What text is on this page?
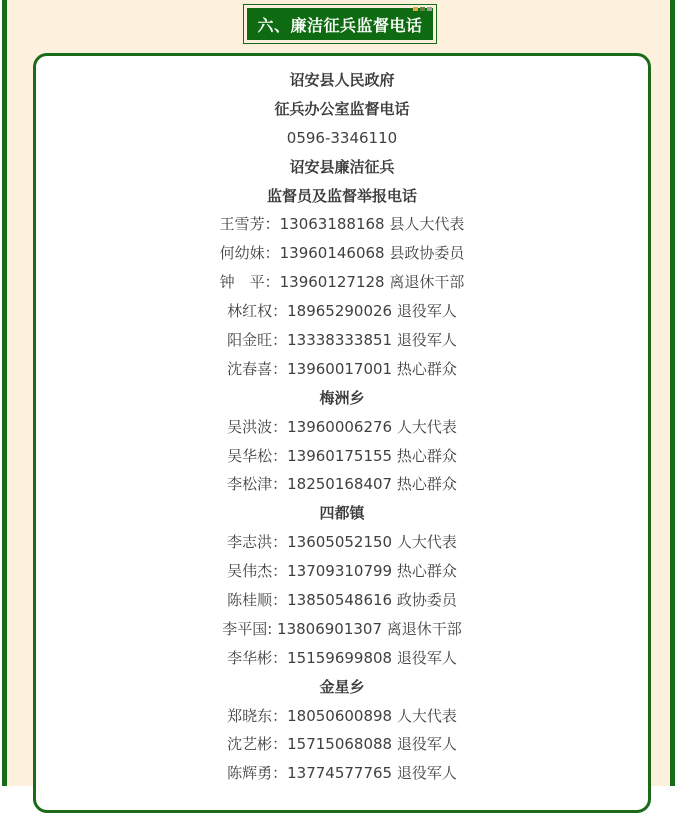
六、廉洁征兵监督电话
诏安县人民政府
征兵办公室监督电话
0596-3346110
诏安县廉洁征兵
监督员及监督举报电话
王雪芳：13063188168 县人大代表
何幼妹：13960146068 县政协委员
钟　平：13960127128 离退休干部
林红权：18965290026 退役军人
阳金旺：13338333851 退役军人
沈春喜：13960017001 热心群众
梅洲乡
吴洪波：13960006276 人大代表
吴华松：13960175155 热心群众
李松津：18250168407 热心群众
四都镇
李志洪：13605052150 人大代表
吴伟杰：13709310799 热心群众
陈桂顺：13850548616 政协委员
李平国: 13806901307 离退休干部
李华彬：15159699808 退役军人
金星乡
郑晓东：18050600898 人大代表
沈艺彬：15715068088 退役军人
陈辉勇：13774577765 退役军人
